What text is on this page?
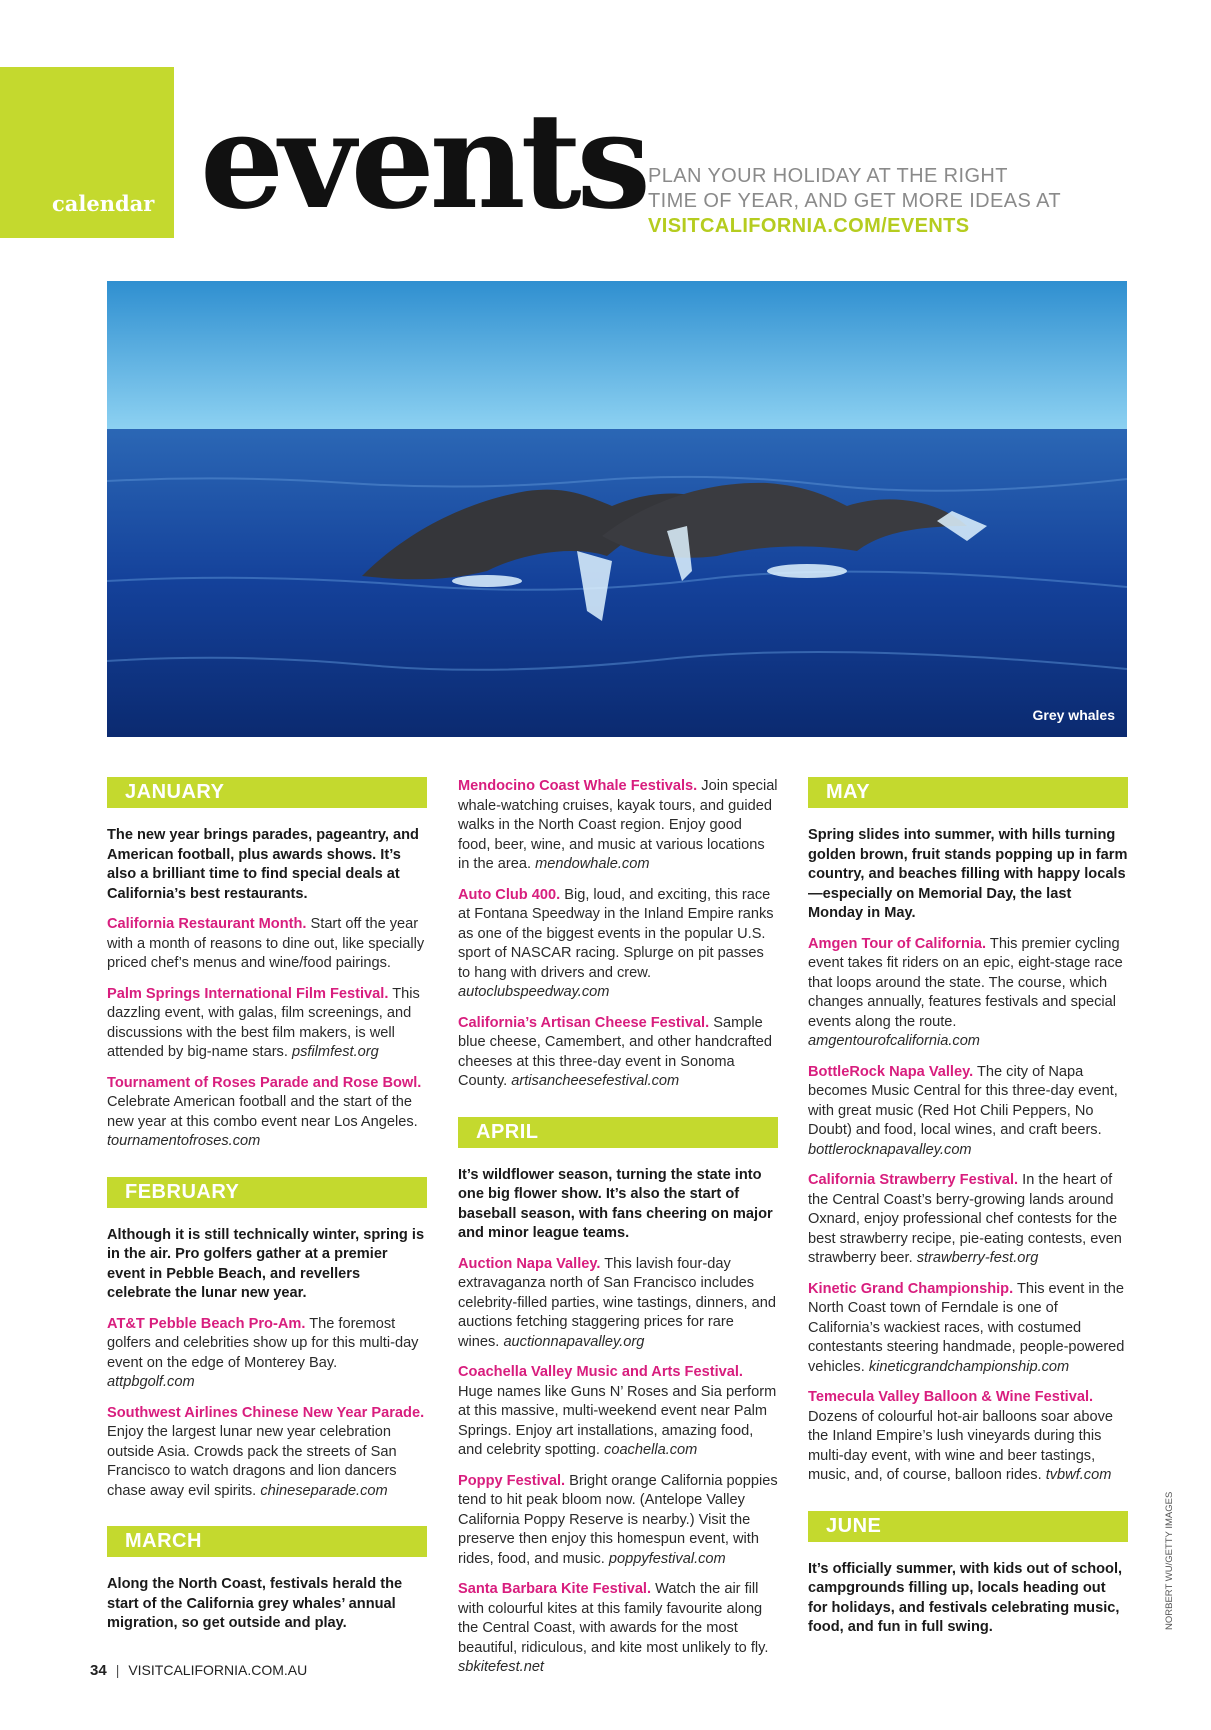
calendar events PLAN YOUR HOLIDAY AT THE RIGHT
TIME OF YEAR, AND GET MORE IDEAS AT
VISITCALIFORNIA.COM/EVENTS
Grey whales
JANUARY

The new year brings parades, pageantry, and American football, plus awards shows. It’s also a brilliant time to find special deals at California’s best restaurants.

California Restaurant Month. Start off the year with a month of reasons to dine out, like specially priced chef’s menus and wine/food pairings.

Palm Springs International Film Festival. This dazzling event, with galas, film screenings, and discussions with the best film makers, is well attended by big-name stars. psfilmfest.org

Tournament of Roses Parade and Rose Bowl. Celebrate American football and the start of the new year at this combo event near Los Angeles. tournamentofroses.com

FEBRUARY

Although it is still technically winter, spring is in the air. Pro golfers gather at a premier event in Pebble Beach, and revellers celebrate the lunar new year.

AT&T Pebble Beach Pro-Am. The foremost golfers and celebrities show up for this multi-day event on the edge of Monterey Bay. attpbgolf.com

Southwest Airlines Chinese New Year Parade. Enjoy the largest lunar new year celebration outside Asia. Crowds pack the streets of San Francisco to watch dragons and lion dancers chase away evil spirits. chineseparade.com

MARCH

Along the North Coast, festivals herald the start of the California grey whales’ annual migration, so get outside and play.

Mendocino Coast Whale Festivals. Join special whale-watching cruises, kayak tours, and guided walks in the North Coast region. Enjoy good food, beer, wine, and music at various locations in the area. mendowhale.com

Auto Club 400. Big, loud, and exciting, this race at Fontana Speedway in the Inland Empire ranks as one of the biggest events in the popular U.S. sport of NASCAR racing. Splurge on pit passes to hang with drivers and crew. autoclubspeedway.com

California’s Artisan Cheese Festival. Sample blue cheese, Camembert, and other handcrafted cheeses at this three-day event in Sonoma County. artisancheesefestival.com

APRIL

It’s wildflower season, turning the state into one big flower show. It’s also the start of baseball season, with fans cheering on major and minor league teams.

Auction Napa Valley. This lavish four-day extravaganza north of San Francisco includes celebrity-filled parties, wine tastings, dinners, and auctions fetching staggering prices for rare wines. auctionnapavalley.org

Coachella Valley Music and Arts Festival. Huge names like Guns N’ Roses and Sia perform at this massive, multi-weekend event near Palm Springs. Enjoy art installations, amazing food, and celebrity spotting. coachella.com

Poppy Festival. Bright orange California poppies tend to hit peak bloom now. (Antelope Valley California Poppy Reserve is nearby.) Visit the preserve then enjoy this homespun event, with rides, food, and music. poppyfestival.com

Santa Barbara Kite Festival. Watch the air fill with colourful kites at this family favourite along the Central Coast, with awards for the most beautiful, ridiculous, and kite most unlikely to fly. sbkitefest.net

MAY

Spring slides into summer, with hills turning golden brown, fruit stands popping up in farm country, and beaches filling with happy locals—especially on Memorial Day, the last Monday in May.

Amgen Tour of California. This premier cycling event takes fit riders on an epic, eight-stage race that loops around the state. The course, which changes annually, features festivals and special events along the route. amgentourofcalifornia.com

BottleRock Napa Valley. The city of Napa becomes Music Central for this three-day event, with great music (Red Hot Chili Peppers, No Doubt) and food, local wines, and craft beers. bottlerocknapavalley.com

California Strawberry Festival. In the heart of the Central Coast’s berry-growing lands around Oxnard, enjoy professional chef contests for the best strawberry recipe, pie-eating contests, even strawberry beer. strawberry-fest.org

Kinetic Grand Championship. This event in the North Coast town of Ferndale is one of California’s wackiest races, with costumed contestants steering handmade, people-powered vehicles. kineticgrandchampionship.com

Temecula Valley Balloon & Wine Festival. Dozens of colourful hot-air balloons soar above the Inland Empire’s lush vineyards during this multi-day event, with wine and beer tastings, music, and, of course, balloon rides. tvbwf.com

JUNE

It’s officially summer, with kids out of school, campgrounds filling up, locals heading out for holidays, and festivals celebrating music, food, and fun in full swing.	NORBERT WU/GETTY IMAGES
34 | VISITCALIFORNIA.COM.AU
